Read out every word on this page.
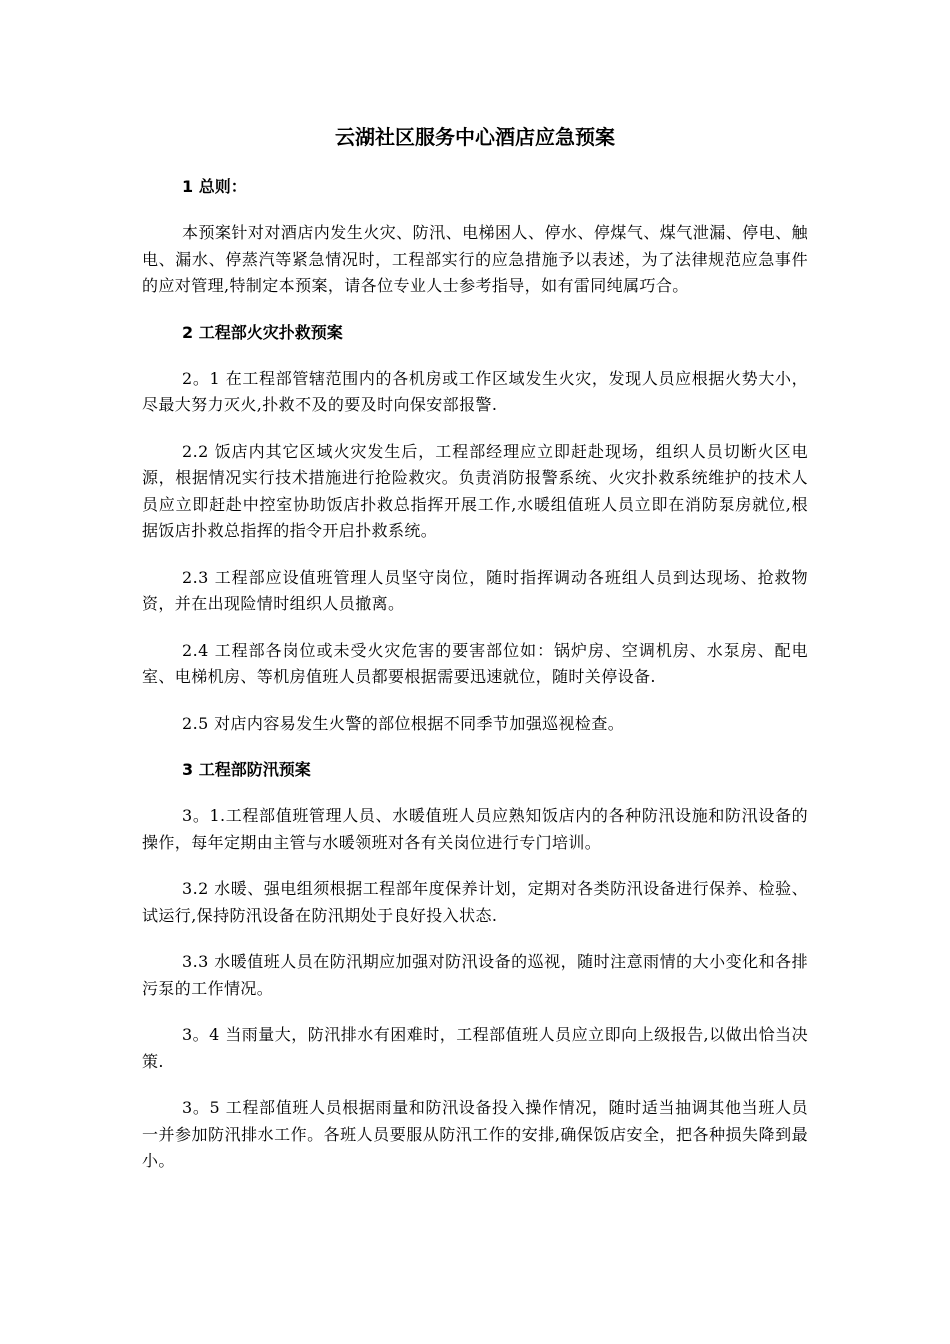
云湖社区服务中心酒店应急预案
1 总则：

本预案针对对酒店内发生火灾、防汛、电梯困人、停水、停煤气、煤气泄漏、停电、触电、漏水、停蒸汽等紧急情况时，工程部实行的应急措施予以表述，为了法律规范应急事件的应对管理,特制定本预案，请各位专业人士参考指导，如有雷同纯属巧合。

2 工程部火灾扑救预案

2。1 在工程部管辖范围内的各机房或工作区域发生火灾，发现人员应根据火势大小，尽最大努力灭火,扑救不及的要及时向保安部报警.

2.2 饭店内其它区域火灾发生后，工程部经理应立即赶赴现场，组织人员切断火区电源，根据情况实行技术措施进行抢险救灾。负责消防报警系统、火灾扑救系统维护的技术人员应立即赶赴中控室协助饭店扑救总指挥开展工作,水暖组值班人员立即在消防泵房就位,根据饭店扑救总指挥的指令开启扑救系统。

2.3 工程部应设值班管理人员坚守岗位，随时指挥调动各班组人员到达现场、抢救物资，并在出现险情时组织人员撤离。

2.4 工程部各岗位或未受火灾危害的要害部位如：锅炉房、空调机房、水泵房、配电室、电梯机房、等机房值班人员都要根据需要迅速就位，随时关停设备.

2.5 对店内容易发生火警的部位根据不同季节加强巡视检查。

3 工程部防汛预案

3。1.工程部值班管理人员、水暖值班人员应熟知饭店内的各种防汛设施和防汛设备的操作，每年定期由主管与水暖领班对各有关岗位进行专门培训。

3.2 水暖、强电组须根据工程部年度保养计划，定期对各类防汛设备进行保养、检验、试运行,保持防汛设备在防汛期处于良好投入状态.

3.3 水暖值班人员在防汛期应加强对防汛设备的巡视，随时注意雨情的大小变化和各排污泵的工作情况。

3。4 当雨量大，防汛排水有困难时，工程部值班人员应立即向上级报告,以做出恰当决策.

3。5 工程部值班人员根据雨量和防汛设备投入操作情况，随时适当抽调其他当班人员一并参加防汛排水工作。各班人员要服从防汛工作的安排,确保饭店安全，把各种损失降到最小。
